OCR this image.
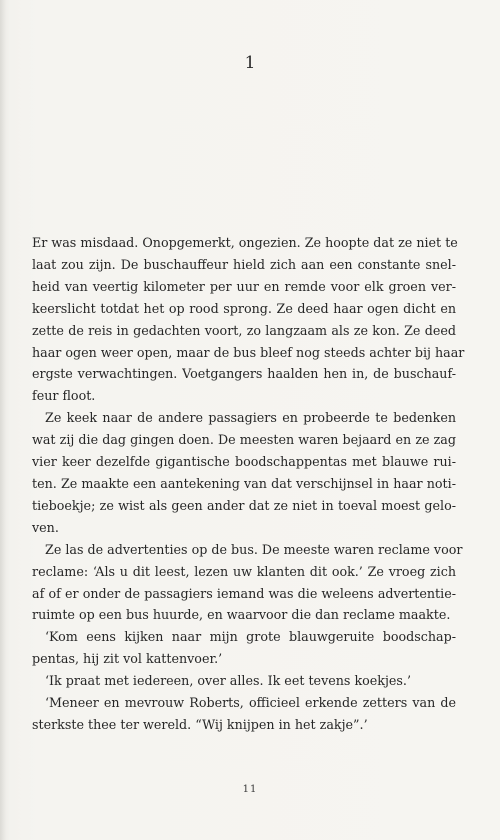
1
Er was misdaad. Onopgemerkt, ongezien. Ze hoopte dat ze niet te
laat zou zijn. De buschauffeur hield zich aan een constante snel-
heid van veertig kilometer per uur en remde voor elk groen ver-
keerslicht totdat het op rood sprong. Ze deed haar ogen dicht en
zette de reis in gedachten voort, zo langzaam als ze kon. Ze deed
haar ogen weer open, maar de bus bleef nog steeds achter bij haar
ergste verwachtingen. Voetgangers haalden hen in, de buschauf-
feur floot.
Ze keek naar de andere passagiers en probeerde te bedenken
wat zij die dag gingen doen. De meesten waren bejaard en ze zag
vier keer dezelfde gigantische boodschappentas met blauwe rui-
ten. Ze maakte een aantekening van dat verschijnsel in haar noti-
tieboekje; ze wist als geen ander dat ze niet in toeval moest gelo-
ven.
Ze las de advertenties op de bus. De meeste waren reclame voor
reclame: ‘Als u dit leest, lezen uw klanten dit ook.’ Ze vroeg zich
af of er onder de passagiers iemand was die weleens advertentie-
ruimte op een bus huurde, en waarvoor die dan reclame maakte.
‘Kom eens kijken naar mijn grote blauwgeruite boodschap-
pentas, hij zit vol kattenvoer.’
‘Ik praat met iedereen, over alles. Ik eet tevens koekjes.’
‘Meneer en mevrouw Roberts, officieel erkende zetters van de
sterkste thee ter wereld. “Wij knijpen in het zakje”.’
11
